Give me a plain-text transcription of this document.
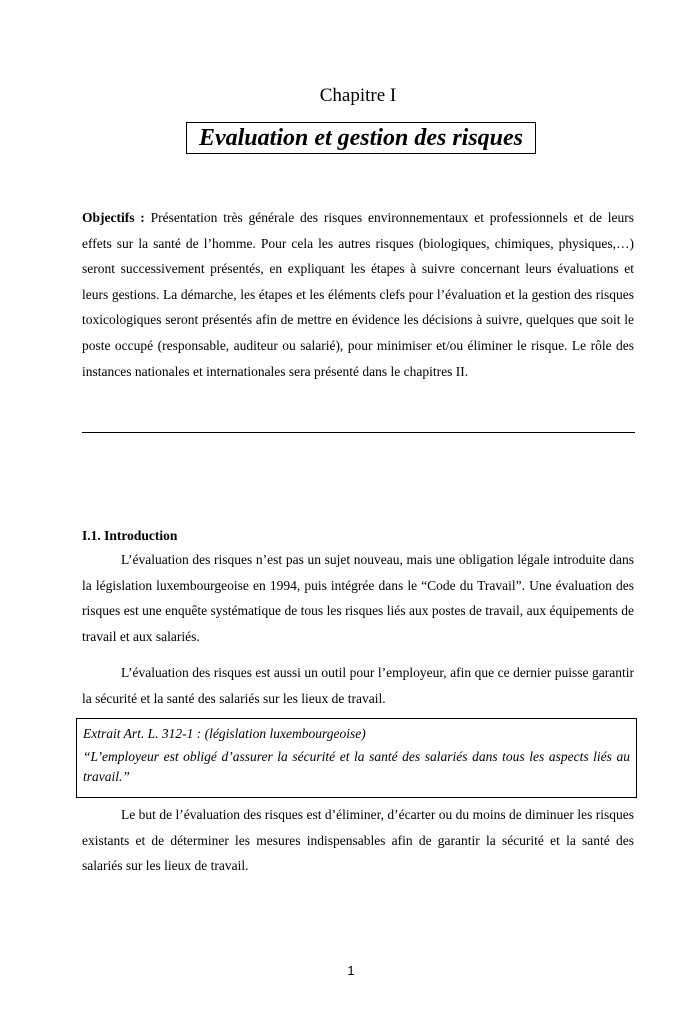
Chapitre I
Evaluation et gestion des risques

Objectifs : Présentation très générale des risques environnementaux et professionnels et de leurs effets sur la santé de l’homme. Pour cela les autres risques (biologiques, chimiques, physiques,…) seront successivement présentés, en expliquant les étapes à suivre concernant leurs évaluations et leurs gestions. La démarche, les étapes et les éléments clefs pour l’évaluation et la gestion des risques toxicologiques seront présentés afin de mettre en évidence les décisions à suivre, quelques que soit le poste occupé (responsable, auditeur ou salarié), pour minimiser et/ou éliminer le risque. Le rôle des instances nationales et internationales sera présenté dans le chapitres II.

I.1. Introduction

L’évaluation des risques n’est pas un sujet nouveau, mais une obligation légale introduite dans la législation luxembourgeoise en 1994, puis intégrée dans le “Code du Travail”. Une évaluation des risques est une enquête systématique de tous les risques liés aux postes de travail, aux équipements de travail et aux salariés.

L’évaluation des risques est aussi un outil pour l’employeur, afin que ce dernier puisse garantir la sécurité et la santé des salariés sur les lieux de travail.

Extrait Art. L. 312-1 : (législation luxembourgeoise)

“L’employeur est obligé d’assurer la sécurité et la santé des salariés dans tous les aspects liés au travail.”

Le but de l’évaluation des risques est d’éliminer, d’écarter ou du moins de diminuer les risques existants et de déterminer les mesures indispensables afin de garantir la sécurité et la santé des salariés sur les lieux de travail.

1
